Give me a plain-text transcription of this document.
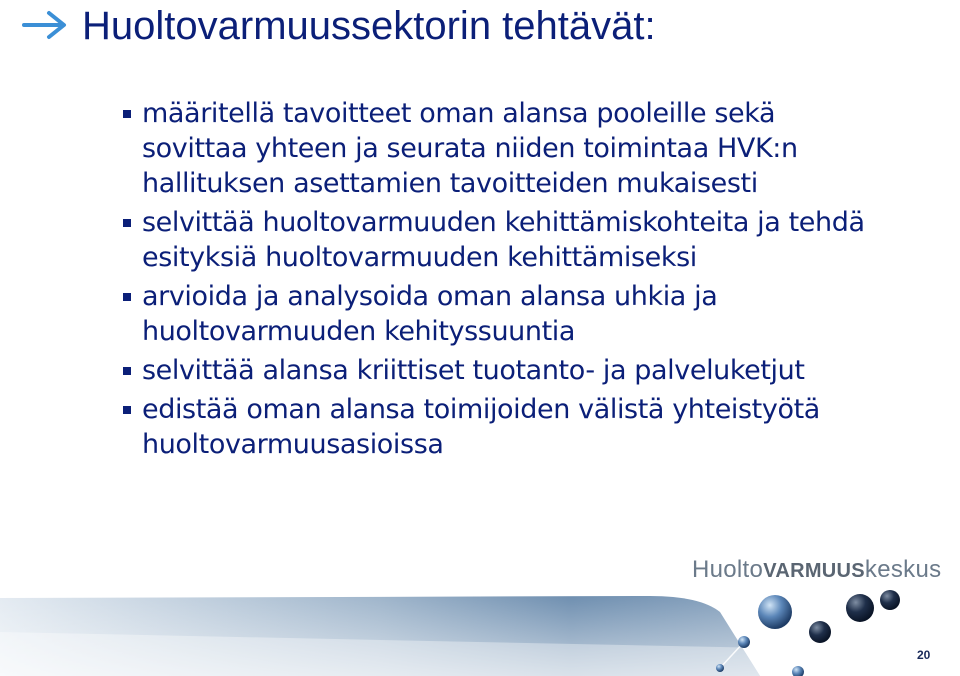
Huoltovarmuussektorin tehtävät:
määritellä tavoitteet oman alansa pooleille sekä
sovittaa yhteen ja seurata niiden toimintaa HVK:n
hallituksen asettamien tavoitteiden mukaisesti
selvittää huoltovarmuuden kehittämiskohteita ja tehdä
esityksiä huoltovarmuuden kehittämiseksi
arvioida ja analysoida oman alansa uhkia ja
huoltovarmuuden kehityssuuntia
selvittää alansa kriittiset tuotanto- ja palveluketjut
edistää oman alansa toimijoiden välistä yhteistyötä
huoltovarmuusasioissa
HuoltoVARMUUSkeskus
20
